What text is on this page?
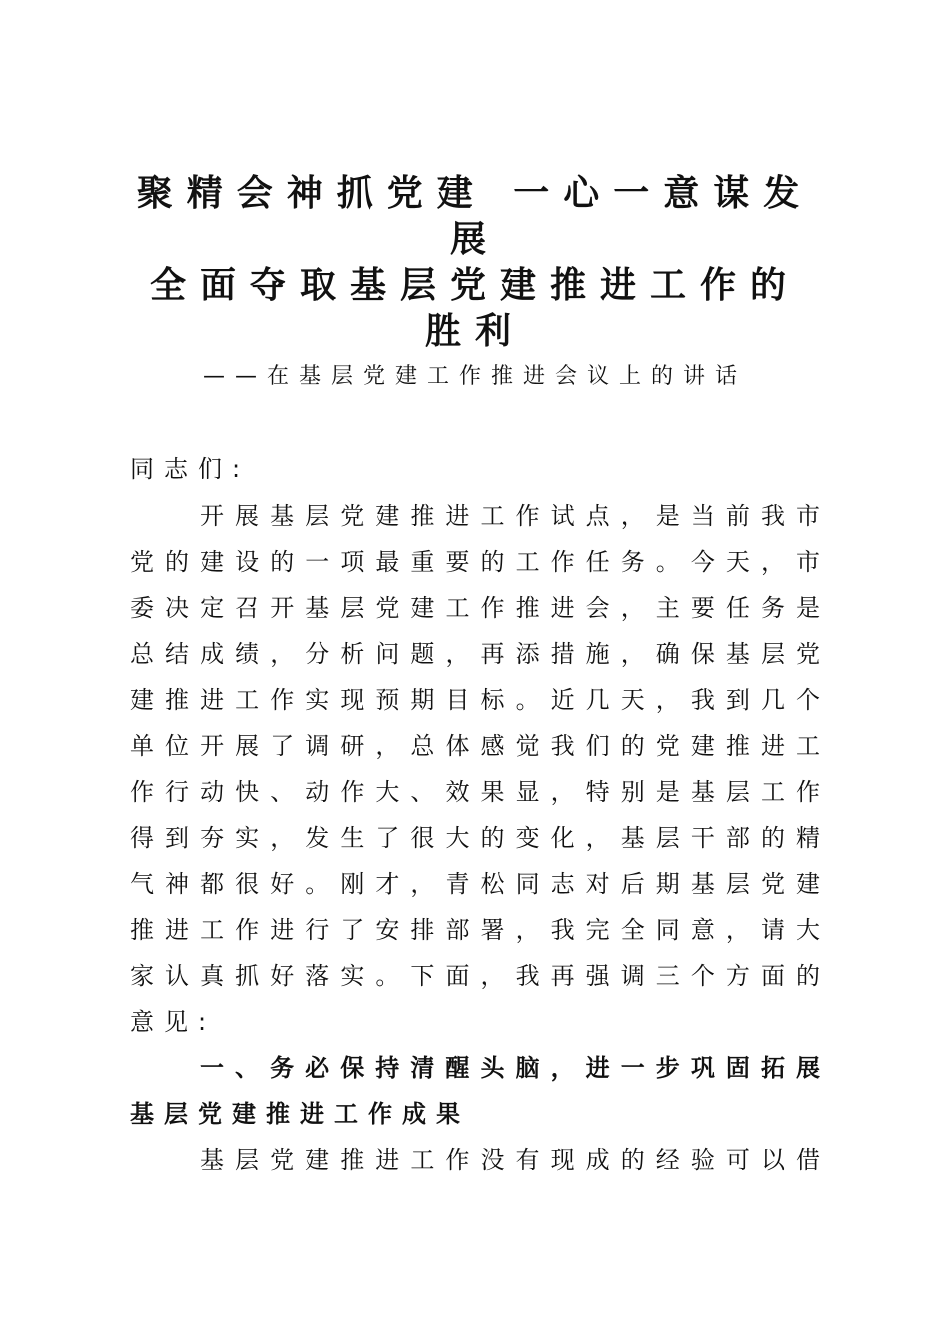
聚精会神抓党建 一心一意谋发
展
全面夺取基层党建推进工作的
胜利
——在基层党建工作推进会议上的讲话
同志们:
开展基层党建推进工作试点，是当前我市
党的建设的一项最重要的工作任务。今天，市
委决定召开基层党建工作推进会，主要任务是
总结成绩，分析问题，再添措施，确保基层党
建推进工作实现预期目标。近几天，我到几个
单位开展了调研，总体感觉我们的党建推进工
作行动快、动作大、效果显，特别是基层工作
得到夯实，发生了很大的变化，基层干部的精
气神都很好。刚才，青松同志对后期基层党建
推进工作进行了安排部署，我完全同意，请大
家认真抓好落实。下面，我再强调三个方面的
意见:
一、务必保持清醒头脑，进一步巩固拓展
基层党建推进工作成果
基层党建推进工作没有现成的经验可以借
